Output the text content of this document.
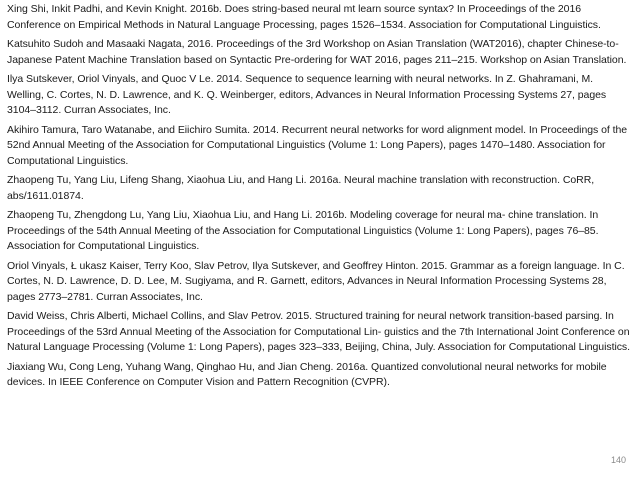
Xing Shi, Inkit Padhi, and Kevin Knight. 2016b. Does string-based neural mt learn source syntax? In Proceedings of the 2016 Conference on Empirical Methods in Natural Language Processing, pages 1526–1534. Association for Computational Linguistics.
Katsuhito Sudoh and Masaaki Nagata, 2016. Proceedings of the 3rd Workshop on Asian Translation (WAT2016), chapter Chinese-to-Japanese Patent Machine Translation based on Syntactic Pre-ordering for WAT 2016, pages 211–215. Workshop on Asian Translation.
Ilya Sutskever, Oriol Vinyals, and Quoc V Le. 2014. Sequence to sequence learning with neural networks. In Z. Ghahramani, M. Welling, C. Cortes, N. D. Lawrence, and K. Q. Weinberger, editors, Advances in Neural Information Processing Systems 27, pages 3104–3112. Curran Associates, Inc.
Akihiro Tamura, Taro Watanabe, and Eiichiro Sumita. 2014. Recurrent neural networks for word alignment model. In Proceedings of the 52nd Annual Meeting of the Association for Computational Linguistics (Volume 1: Long Papers), pages 1470–1480. Association for Computational Linguistics.
Zhaopeng Tu, Yang Liu, Lifeng Shang, Xiaohua Liu, and Hang Li. 2016a. Neural machine translation with reconstruction. CoRR, abs/1611.01874.
Zhaopeng Tu, Zhengdong Lu, Yang Liu, Xiaohua Liu, and Hang Li. 2016b. Modeling coverage for neural ma- chine translation. In Proceedings of the 54th Annual Meeting of the Association for Computational Linguistics (Volume 1: Long Papers), pages 76–85. Association for Computational Linguistics.
Oriol Vinyals, Ł ukasz Kaiser, Terry Koo, Slav Petrov, Ilya Sutskever, and Geoffrey Hinton. 2015. Grammar as a foreign language. In C. Cortes, N. D. Lawrence, D. D. Lee, M. Sugiyama, and R. Garnett, editors, Advances in Neural Information Processing Systems 28, pages 2773–2781. Curran Associates, Inc.
David Weiss, Chris Alberti, Michael Collins, and Slav Petrov. 2015. Structured training for neural network transition-based parsing. In Proceedings of the 53rd Annual Meeting of the Association for Computational Lin- guistics and the 7th International Joint Conference on Natural Language Processing (Volume 1: Long Papers), pages 323–333, Beijing, China, July. Association for Computational Linguistics.
Jiaxiang Wu, Cong Leng, Yuhang Wang, Qinghao Hu, and Jian Cheng. 2016a. Quantized convolutional neural networks for mobile devices. In IEEE Conference on Computer Vision and Pattern Recognition (CVPR).
140
